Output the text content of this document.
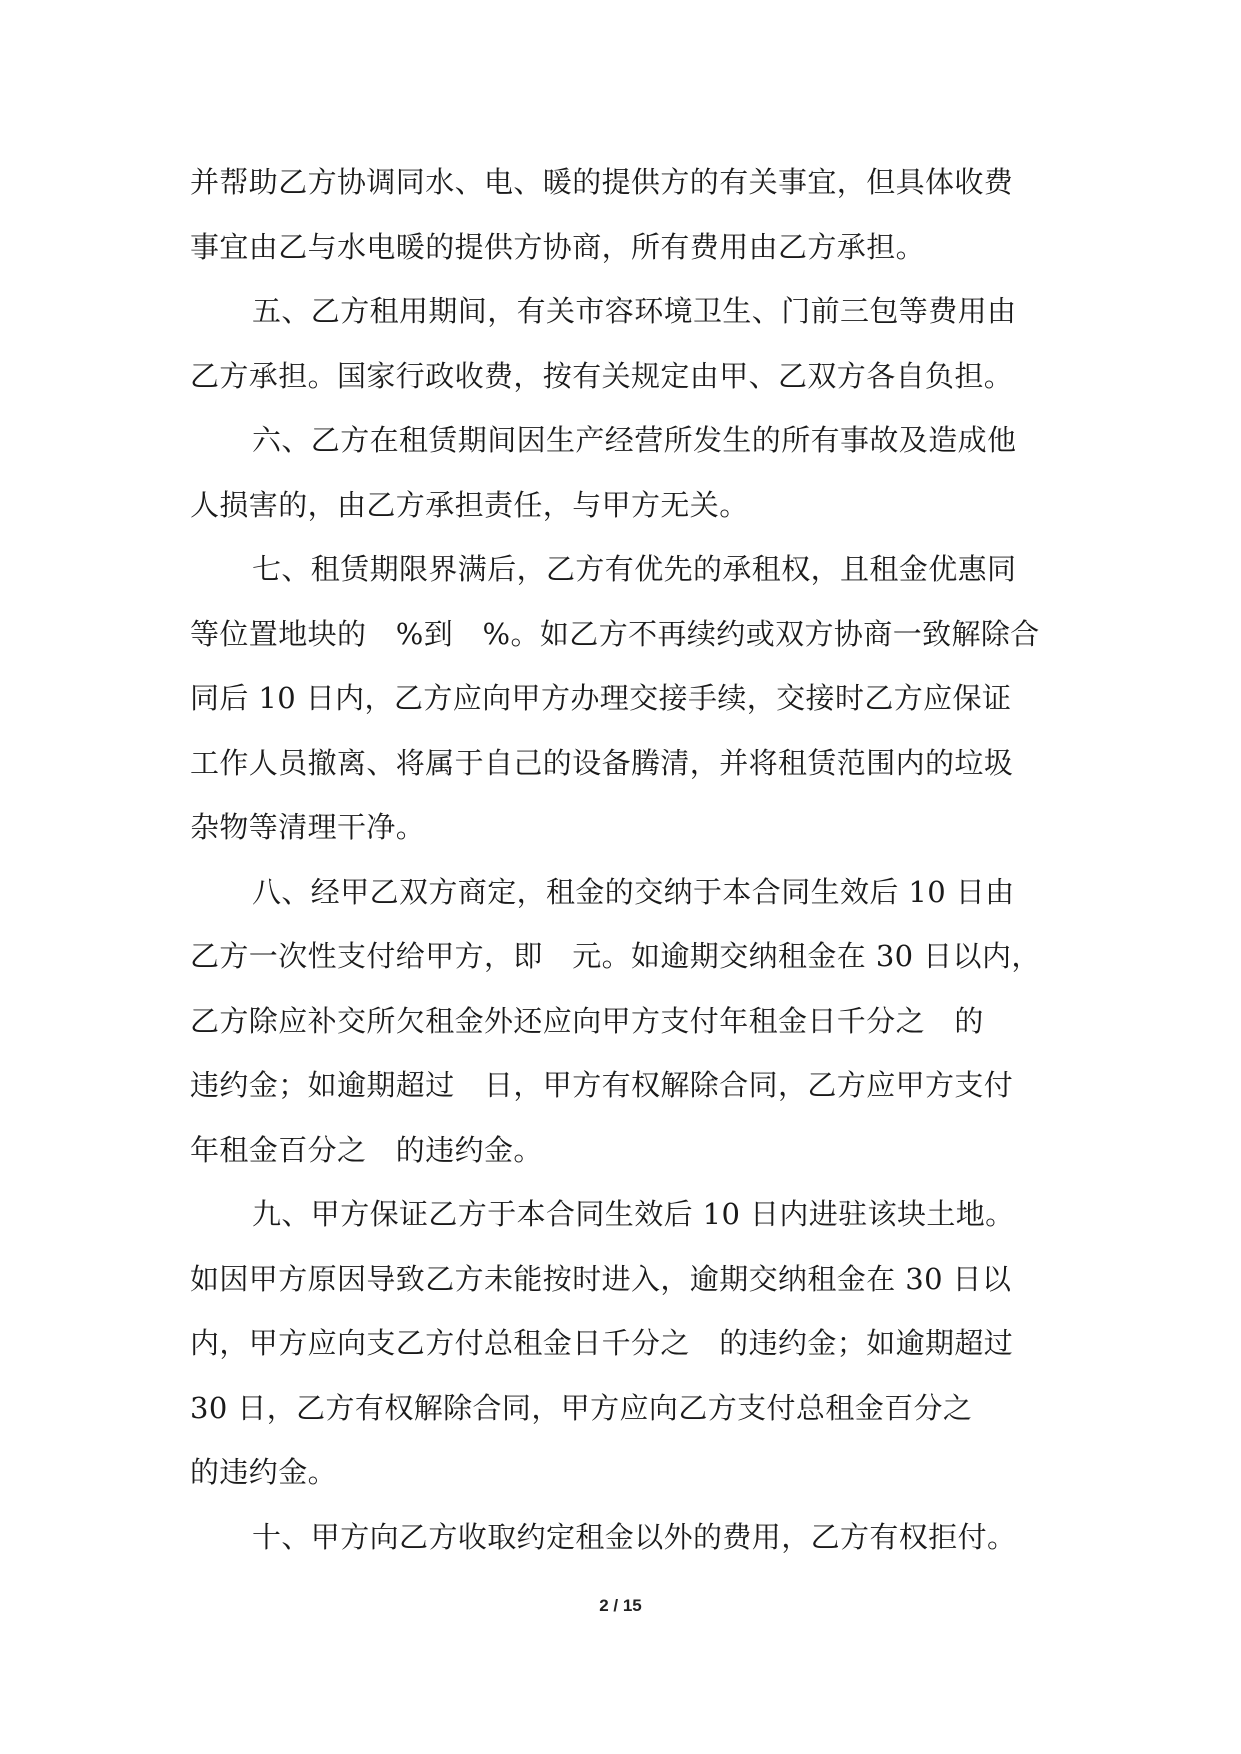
并帮助乙方协调同水、电、暖的提供方的有关事宜，但具体收费
事宜由乙与水电暖的提供方协商，所有费用由乙方承担。
五、乙方租用期间，有关市容环境卫生、门前三包等费用由
乙方承担。国家行政收费，按有关规定由甲、乙双方各自负担。
六、乙方在租赁期间因生产经营所发生的所有事故及造成他
人损害的，由乙方承担责任，与甲方无关。
七、租赁期限界满后，乙方有优先的承租权，且租金优惠同
等位置地块的　%到　%。如乙方不再续约或双方协商一致解除合
同后 10 日内，乙方应向甲方办理交接手续，交接时乙方应保证
工作人员撤离、将属于自己的设备腾清，并将租赁范围内的垃圾
杂物等清理干净。
八、经甲乙双方商定，租金的交纳于本合同生效后 10 日由
乙方一次性支付给甲方，即　元。如逾期交纳租金在 30 日以内，
乙方除应补交所欠租金外还应向甲方支付年租金日千分之　的
违约金；如逾期超过　日，甲方有权解除合同，乙方应甲方支付
年租金百分之　的违约金。
九、甲方保证乙方于本合同生效后 10 日内进驻该块土地。
如因甲方原因导致乙方未能按时进入，逾期交纳租金在 30 日以
内，甲方应向支乙方付总租金日千分之　的违约金；如逾期超过
30 日，乙方有权解除合同，甲方应向乙方支付总租金百分之
的违约金。
十、甲方向乙方收取约定租金以外的费用，乙方有权拒付。
2 / 15
